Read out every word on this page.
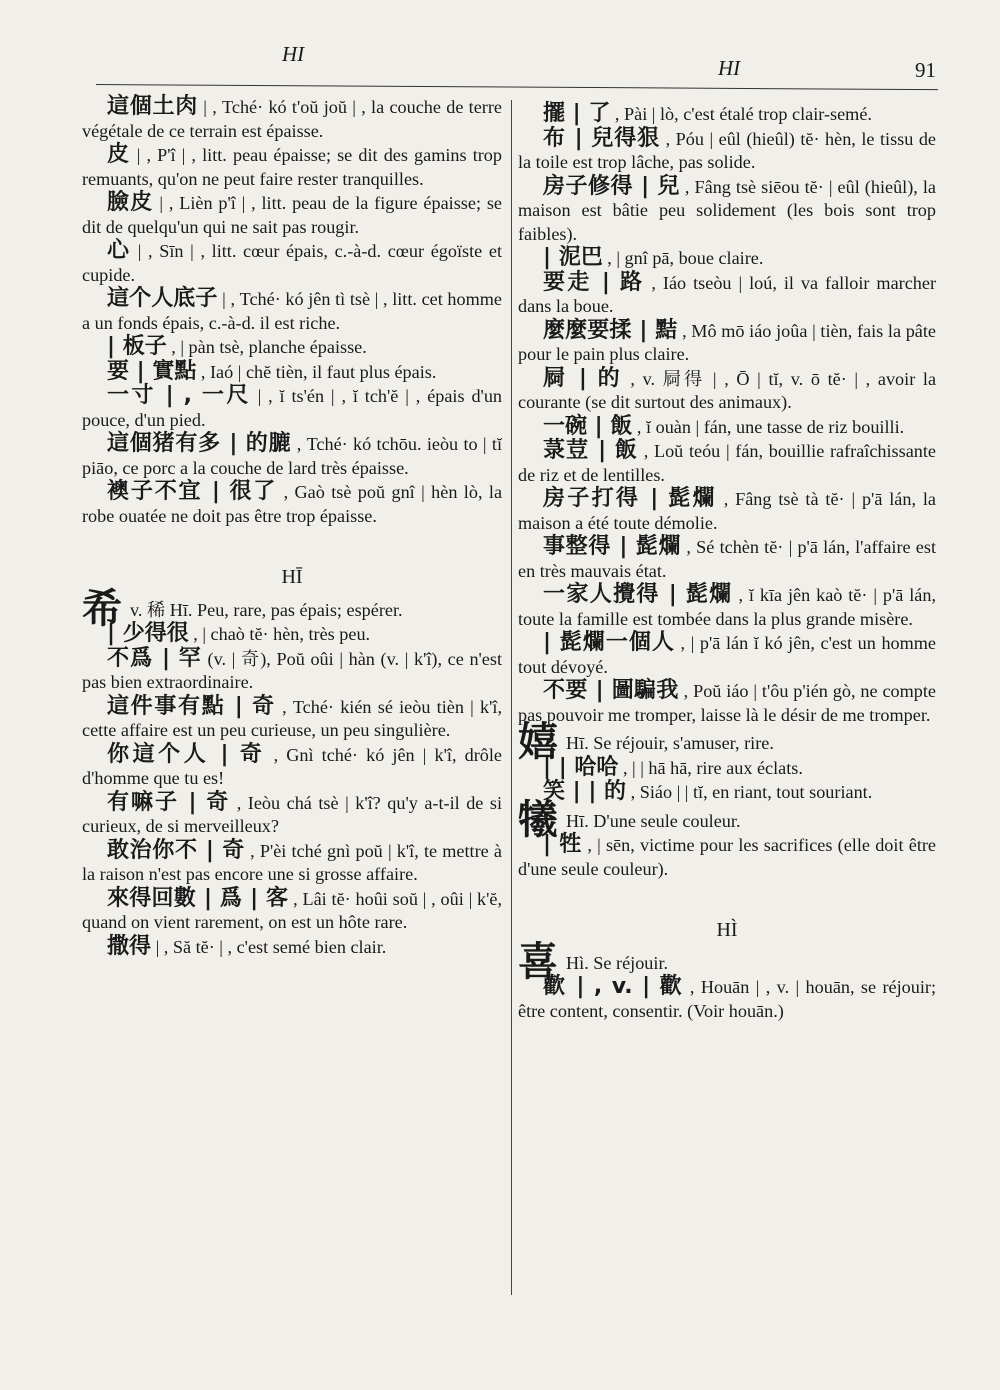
HI
HI	91
這個土肉 | , Tché· kó t'oŭ joŭ | , la couche de terre végétale de ce terrain est épaisse.
皮 | , P'î | , litt. peau épaisse; se dit des gamins trop remuants, qu'on ne peut faire rester tranquilles.
臉皮 | , Lièn p'î | , litt. peau de la figure épaisse; se dit de quelqu'un qui ne sait pas rougir.
心 | , Sīn | , litt. cœur épais, c.-à-d. cœur égoïste et cupide.
這个人底子 | , Tché· kó jên tì tsè | , litt. cet homme a un fonds épais, c.-à-d. il est riche.
| 板子 , | pàn tsè, planche épaisse.
要 | 實點 , Iaó | chĕ tièn, il faut plus épais.
一寸 | , 一尺 | , ĭ ts'én | , ĭ tch'ĕ | , épais d'un pouce, d'un pied.
這個猪有多 | 的膔 , Tché· kó tchōu. ieòu to | tĭ piāo, ce porc a la couche de lard très épaisse.
襖子不宜 | 很了 , Gaò tsè poŭ gnî | hèn lò, la robe ouatée ne doit pas être trop épaisse.
HĪ
希v. 稀 Hī. Peu, rare, pas épais; espérer.
| 少得很 , | chaò tĕ· hèn, très peu.
不爲 | 罕 (v. | 奇), Poŭ oûi | hàn (v. | k'î), ce n'est pas bien extraordinaire.
這件事有點 | 奇 , Tché· kién sé ieòu tièn | k'î, cette affaire est un peu curieuse, un peu singulière.
你這个人 | 奇 , Gnì tché· kó jên | k'î, drôle d'homme que tu es!
有嘛子 | 奇 , Ieòu chá tsè | k'î? qu'y a-t-il de si curieux, de si merveilleux?
敢治你不 | 奇 , P'èi tché gnì poŭ | k'î, te mettre à la raison n'est pas encore une si grosse affaire.
來得回數 | 爲 | 客 , Lâi tĕ· hoûi soŭ | , oûi | k'ĕ, quand on vient rarement, on est un hôte rare.
撒得 | , Să tĕ· | , c'est semé bien clair.
擺 | 了 , Pài | lò, c'est étalé trop clair-semé.
布 | 兒得狠 , Póu | eûl (hieûl) tĕ· hèn, le tissu de la toile est trop lâche, pas solide.
房子修得 | 兒 , Fâng tsè siēou tĕ· | eûl (hieûl), la maison est bâtie peu solidement (les bois sont trop faibles).
| 泥巴 , | gnî pā, boue claire.
要走 | 路 , Iáo tseòu | loú, il va falloir marcher dans la boue.
麼麼要揉 | 黠 , Mô mō iáo joûa | tièn, fais la pâte pour le pain plus claire.
屙 | 的 , v. 屙得 | , Ō | tĭ, v. ō tĕ· | , avoir la courante (se dit surtout des animaux).
一碗 | 飯 , ĭ ouàn | fán, une tasse de riz bouilli.
菉荳 | 飯 , Loŭ teóu | fán, bouillie rafraîchissante de riz et de lentilles.
房子打得 | 髭爛 , Fâng tsè tà tĕ· | p'ā lán, la maison a été toute démolie.
事整得 | 髭爛 , Sé tchèn tĕ· | p'ā lán, l'affaire est en très mauvais état.
一家人攪得 | 髭爛 , ĭ kīa jên kaò tĕ· | p'ā lán, toute la famille est tombée dans la plus grande misère.
| 髭爛一個人 , | p'ā lán ĭ kó jên, c'est un homme tout dévoyé.
不要 | 圖騙我 , Poŭ iáo | t'ôu p'ién gò, ne compte pas pouvoir me tromper, laisse là le désir de me tromper.
嬉 Hī. Se réjouir, s'amuser, rire.
| | 哈哈 , | | hā hā, rire aux éclats.
笑 | | 的 , Siáo | | tĭ, en riant, tout souriant.
犧 Hī. D'une seule couleur.
| 牲 , | sēn, victime pour les sacrifices (elle doit être d'une seule couleur).
HÌ
喜 Hì. Se réjouir.
歡 | , v. | 歡 , Houān | , v. | houān, se réjouir; être content, consentir. (Voir houān.)
